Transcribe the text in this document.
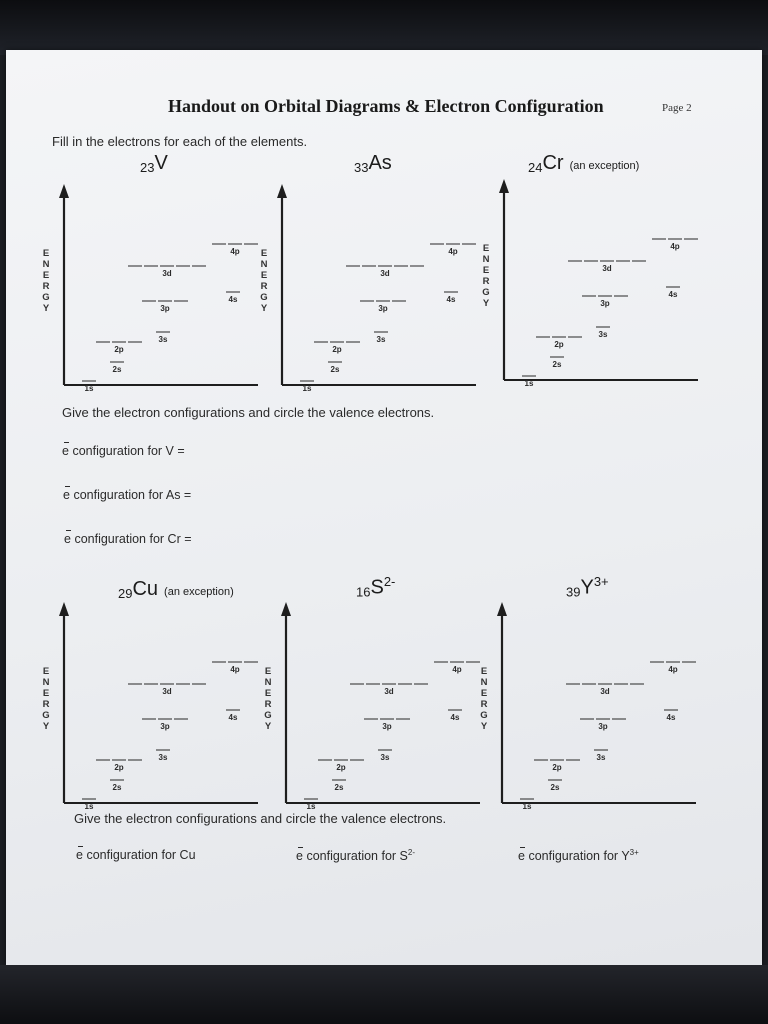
Handout on Orbital Diagrams & Electron Configuration	Page 2
Fill in the electrons for each of the elements.
$_{23}$V	$_{33}$As	$_{24}$Cr (an exception)
E
N
E
R
G
Y
1s
2s
2p
3s
3p
3d
4s
4p E
N
E
R
G
Y
1s
2s
2p
3s
3p
3d
4s
4p	E
N
E
R
G
Y
1s
2s
2p
3s
3p
3d
4s
4p
Give the electron configurations and circle the valence electrons.
e configuration for V =
e configuration for As =
e configuration for Cr =
$_{29}$Cu (an exception)	$_{16}S^{2-}$
$_{39}Y^{3+}$
E
N
E
R
G
Y
1s
2s
2p
3s
3p
3d
4s
4p	E
N
E
R
G
Y
1s
2s
2p
3s
3p
3d
4s
4p E
N
E
R
G
Y
1s
2s
2p
3s
3p
3d
4s
4p
Give the electron configurations and circle the valence electrons.
e configuration for Cu	e configuration for $S^{2-}$	e configuration for $Y^{3+}$
